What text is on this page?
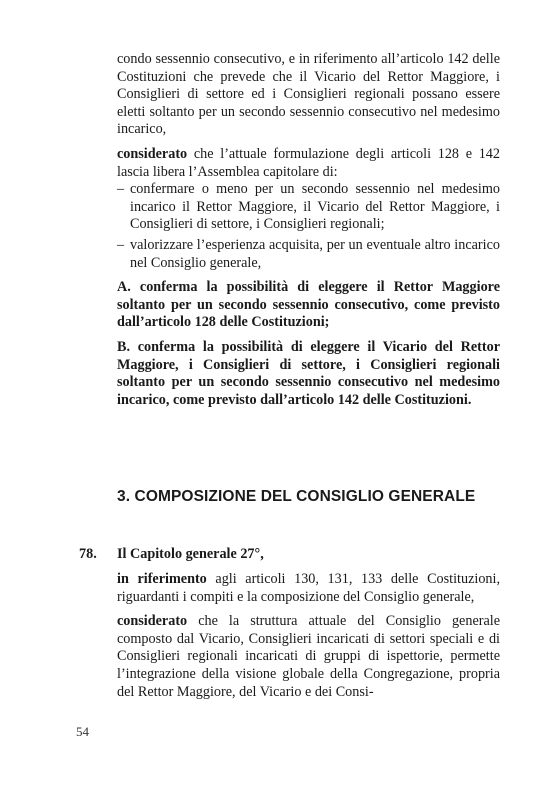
condo sessennio consecutivo, e in riferimento all’articolo 142 delle Costituzioni che prevede che il Vicario del Rettor Maggiore, i Consiglieri di settore ed i Consiglieri regionali possano essere eletti soltanto per un secondo sessennio consecutivo nel medesimo incarico,

considerato che l’attuale formulazione degli articoli 128 e 142 lascia libera l’Assemblea capitolare di:

– confermare o meno per un secondo sessennio nel medesimo incarico il Rettor Maggiore, il Vicario del Rettor Maggiore, i Consiglieri di settore, i Consiglieri regionali;
– valorizzare l’esperienza acquisita, per un eventuale altro incarico nel Consiglio generale,

A. conferma la possibilità di eleggere il Rettor Maggiore soltanto per un secondo sessennio consecutivo, come previsto dall’articolo 128 delle Costituzioni;

B. conferma la possibilità di eleggere il Vicario del Rettor Maggiore, i Consiglieri di settore, i Consiglieri regionali soltanto per un secondo sessennio consecutivo nel medesimo incarico, come previsto dall’articolo 142 delle Costituzioni.

3. COMPOSIZIONE DEL CONSIGLIO GENERALE
78. Il Capitolo generale 27°,

in riferimento agli articoli 130, 131, 133 delle Costituzioni, riguardanti i compiti e la composizione del Consiglio generale,

considerato che la struttura attuale del Consiglio generale composto dal Vicario, Consiglieri incaricati di settori speciali e di Consiglieri regionali incaricati di gruppi di ispettorie, permette l’integrazione della visione globale della Congregazione, propria del Rettor Maggiore, del Vicario e dei Consi-

54
